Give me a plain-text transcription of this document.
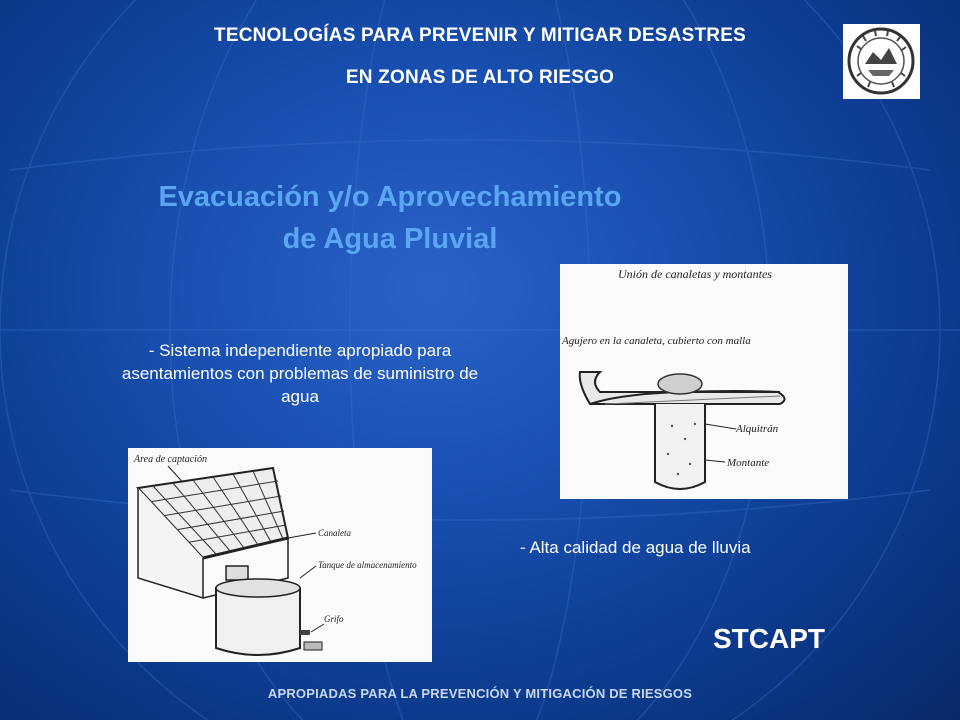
TECNOLOGÍAS PARA PREVENIR Y MITIGAR DESASTRES
EN ZONAS DE ALTO RIESGO
Evacuación y/o Aprovechamiento
de Agua Pluvial
Unión de canaletas y montantes
Agujero en la canaleta, cubierto con malla
Alquitrán
Montante
- Sistema independiente apropiado para asentamientos con problemas de suministro de agua
Area de captación
Canaleta
Tanque de almacenamiento
Grifo
- Alta calidad de agua de lluvia
STCAPT
APROPIADAS PARA LA PREVENCIÓN Y MITIGACIÓN DE RIESGOS
